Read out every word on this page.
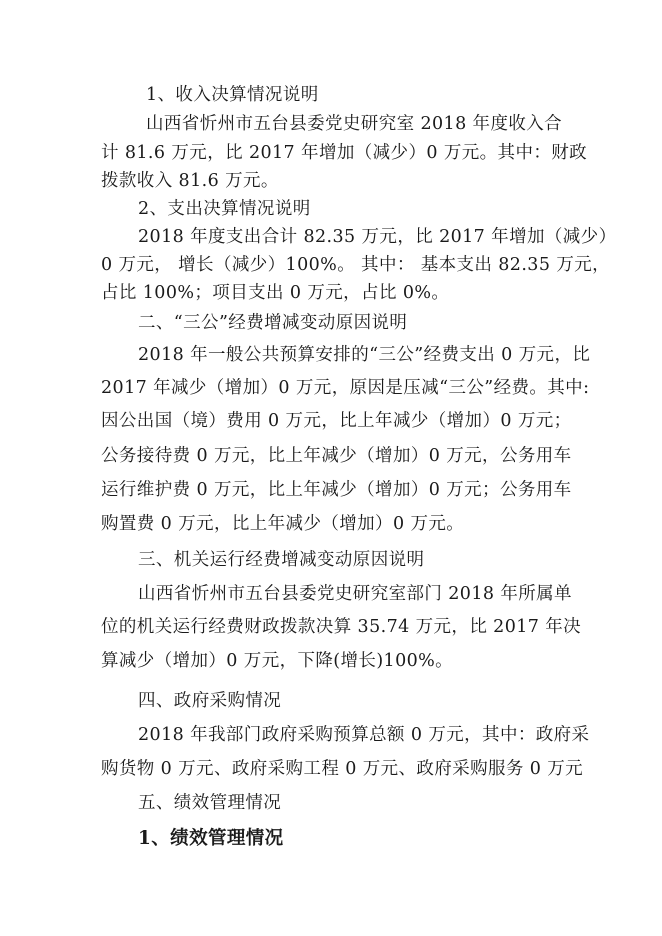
1、收入决算情况说明
山西省忻州市五台县委党史研究室 2018 年度收入合
计 81.6 万元，比 2017 年增加（减少）0 万元。其中：财政
拨款收入 81.6 万元。
2、支出决算情况说明
2018 年度支出合计 82.35 万元，比 2017 年增加（减少）
0 万元， 增长（减少）100%。 其中： 基本支出 82.35 万元，
占比 100%；项目支出 0 万元，占比 0%。
二、“三公”经费增减变动原因说明
2018 年一般公共预算安排的“三公”经费支出 0 万元，比
2017 年减少（增加）0 万元，原因是压减“三公”经费。其中:
因公出国（境）费用 0 万元，比上年减少（增加）0 万元；
公务接待费 0 万元，比上年减少（增加）0 万元，公务用车
运行维护费 0 万元，比上年减少（增加）0 万元；公务用车
购置费 0 万元，比上年减少（增加）0 万元。
三、机关运行经费增减变动原因说明
山西省忻州市五台县委党史研究室部门 2018 年所属单
位的机关运行经费财政拨款决算 35.74 万元，比 2017 年决
算减少（增加）0 万元，下降(增长)100%。
四、政府采购情况
2018 年我部门政府采购预算总额 0 万元，其中：政府采
购货物 0 万元、政府采购工程 0 万元、政府采购服务 0 万元
五、绩效管理情况
1、绩效管理情况
